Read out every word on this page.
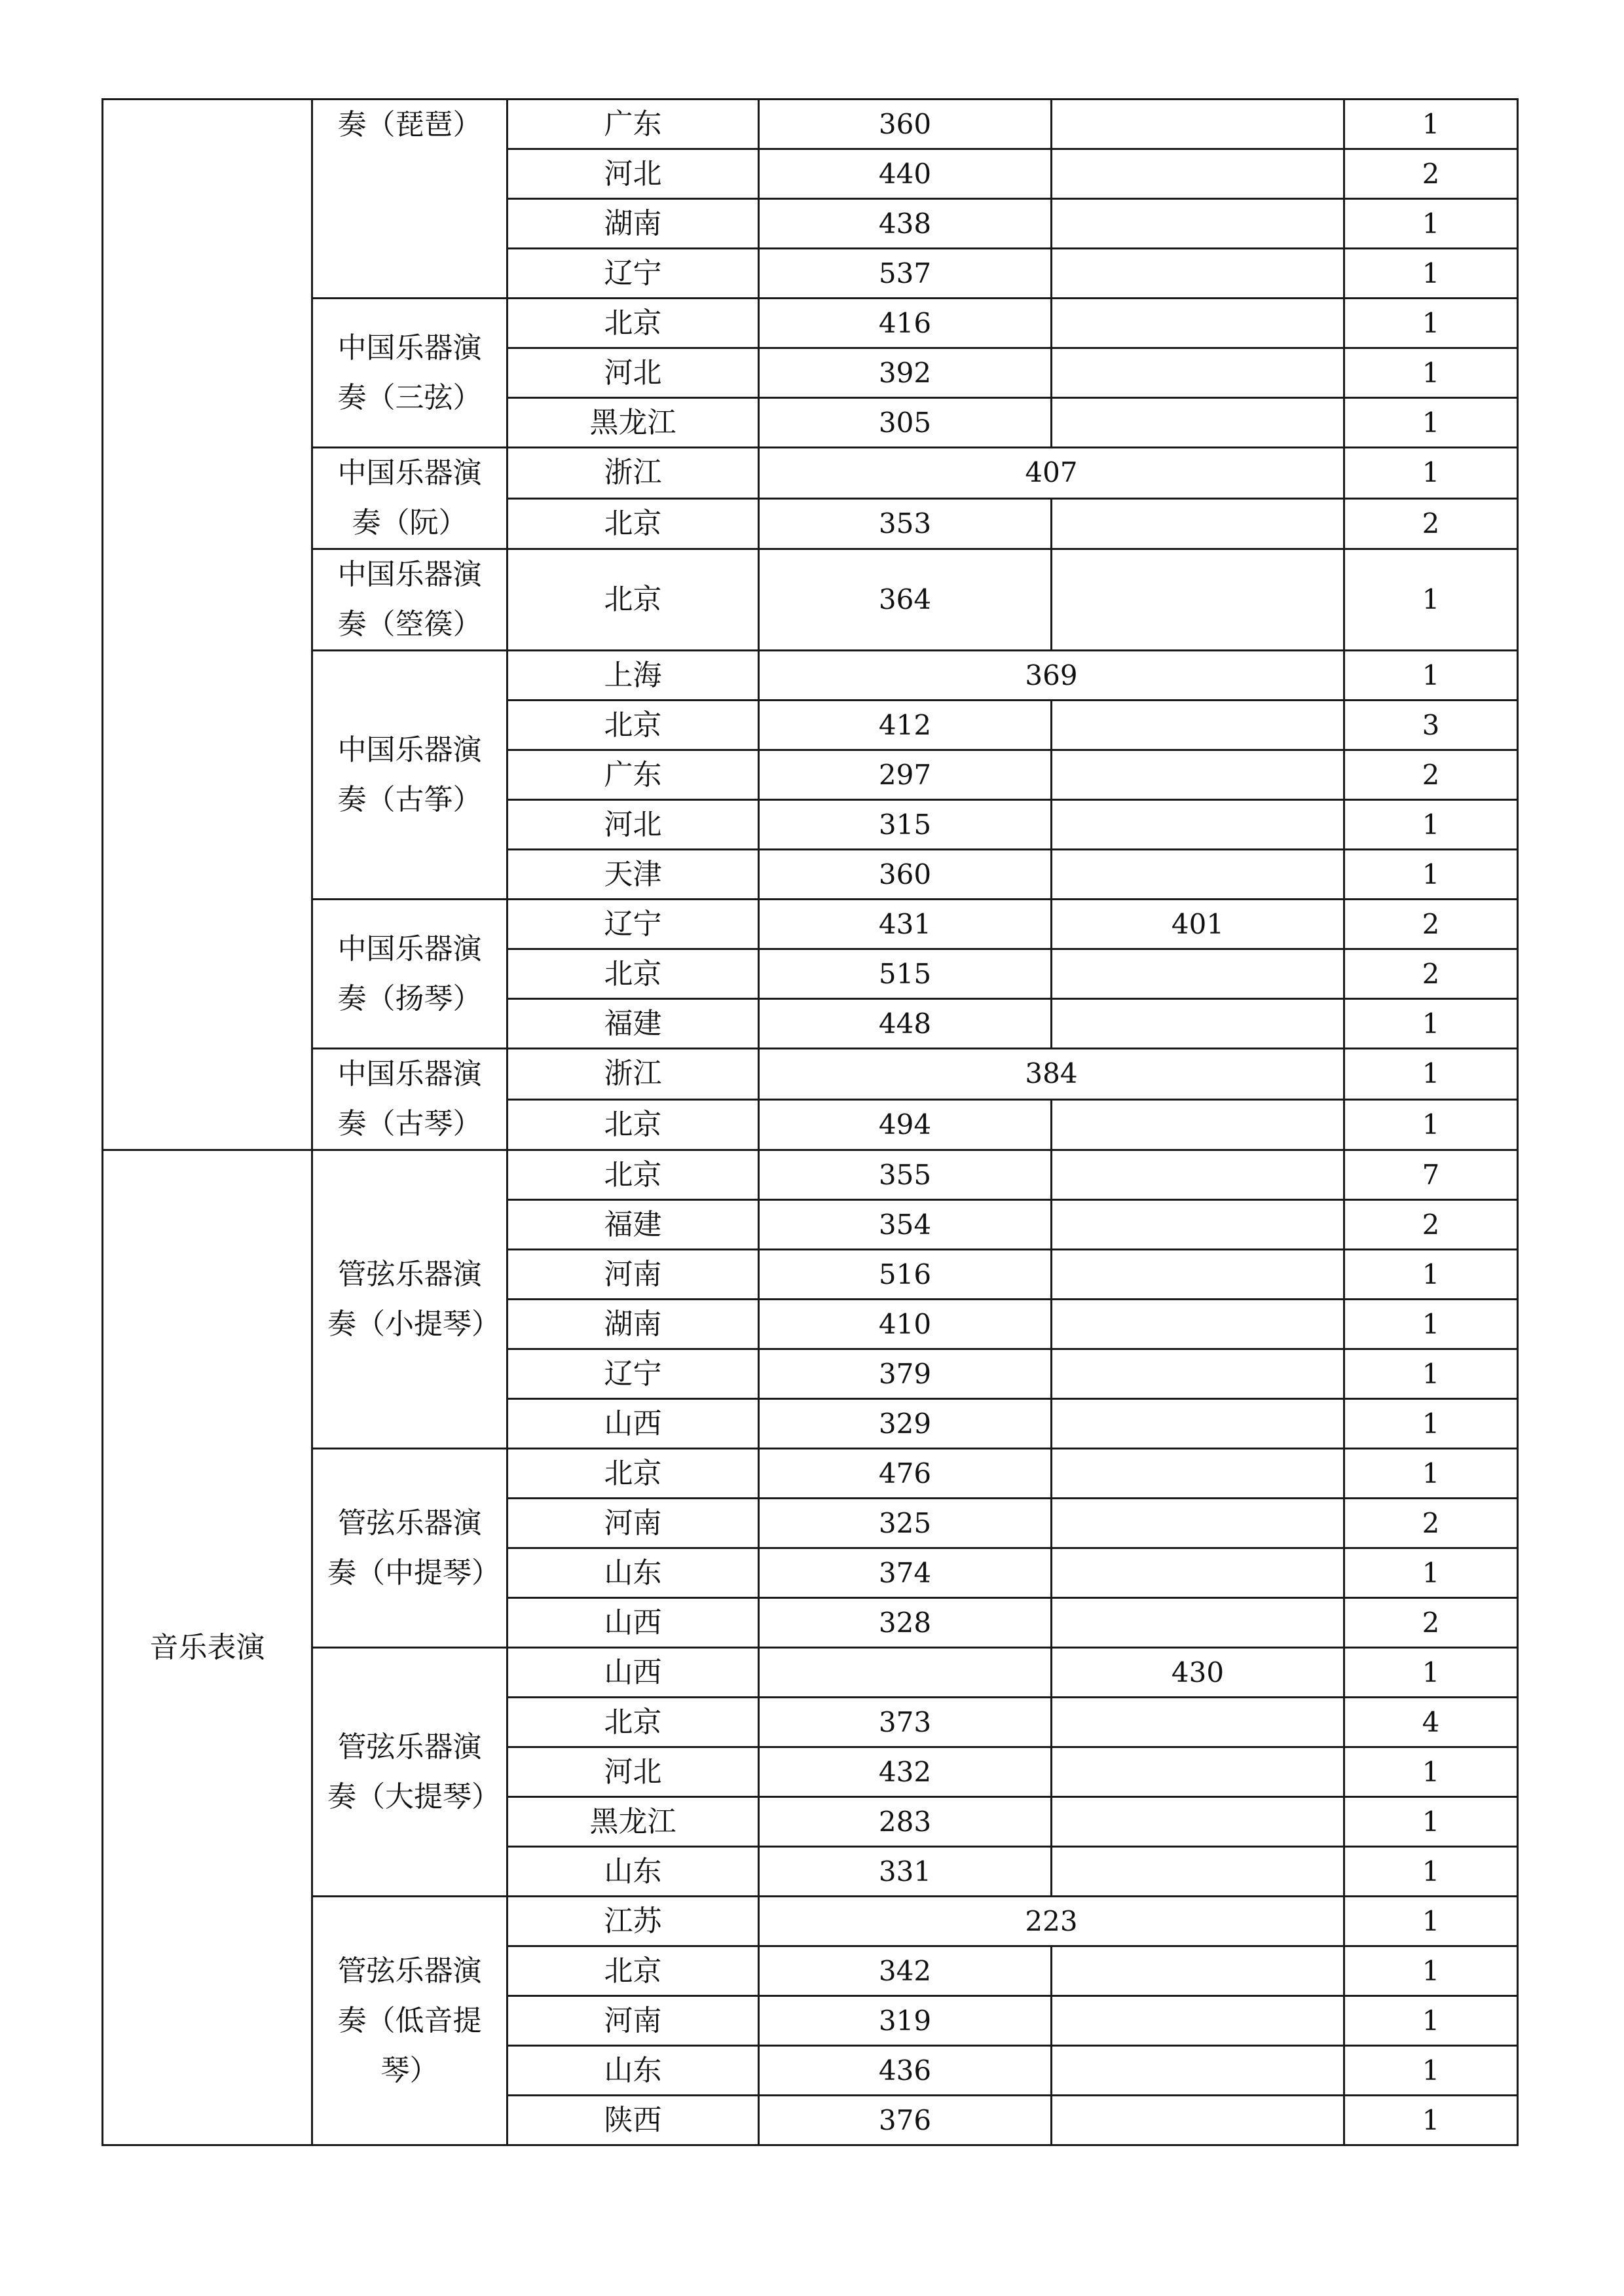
	奏（琵琶）	广东	360		1
		河北	440		2
		湖南	438		1
		辽宁	537		1
	中国乐器演奏（三弦）	北京	416		1
		河北	392		1
		黑龙江	305		1
	中国乐器演奏（阮）	浙江	407		1
		北京	353		2
	中国乐器演奏（箜篌）	北京	364		1
	中国乐器演奏（古筝）	上海	369		1
		北京	412		3
		广东	297		2
		河北	315		1
		天津	360		1
	中国乐器演奏（扬琴）	辽宁	431	401	2
		北京	515		2
		福建	448		1
	中国乐器演奏（古琴）	浙江	384		1
		北京	494		1
音乐表演	管弦乐器演奏（小提琴）	北京	355		7
		福建	354		2
		河南	516		1
		湖南	410		1
		辽宁	379		1
		山西	329		1
	管弦乐器演奏（中提琴）	北京	476		1
		河南	325		2
		山东	374		1
		山西	328		2
	管弦乐器演奏（大提琴）	山西		430	1
		北京	373		4
		河北	432		1
		黑龙江	283		1
		山东	331		1
	管弦乐器演奏（低音提琴）	江苏	223		1
		北京	342		1
		河南	319		1
		山东	436		1
		陕西	376		1
